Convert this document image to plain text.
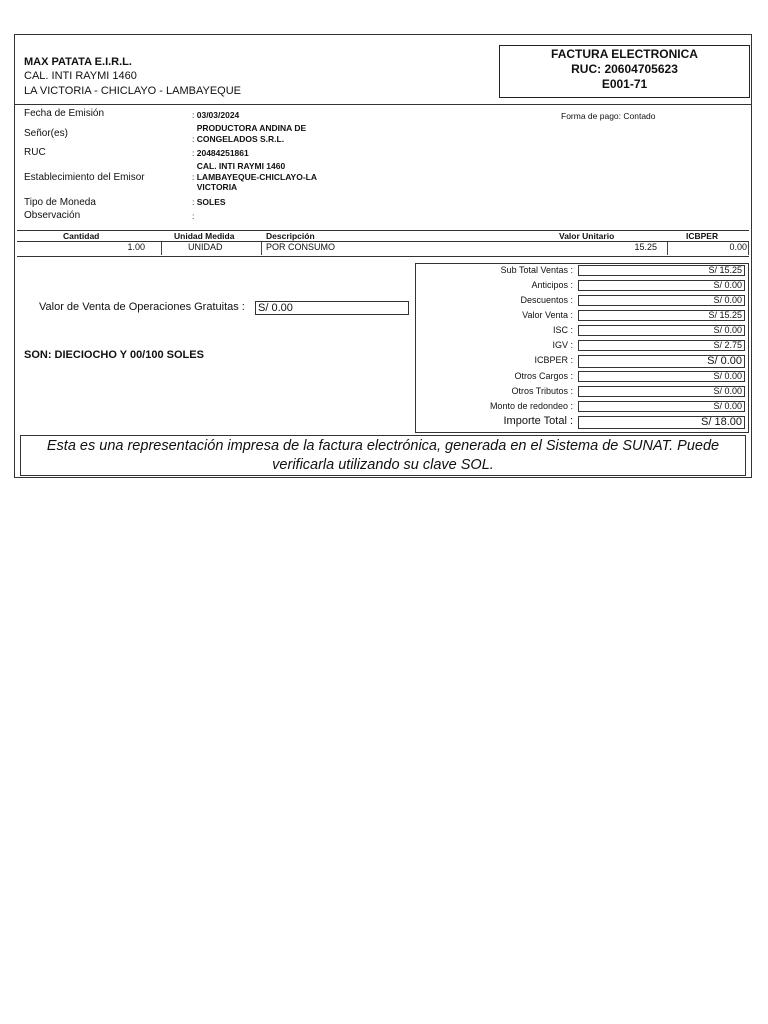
MAX PATATA E.I.R.L.
CAL. INTI RAYMI 1460
LA VICTORIA - CHICLAYO - LAMBAYEQUE
FACTURA ELECTRONICA
RUC: 20604705623
E001-71
Fecha de Emisión	: 03/03/2024
Señor(es)	PRODUCTORA ANDINA DE
: CONGELADOS S.R.L.
RUC	: 20484251861
Establecimiento del Emisor
CAL. INTI RAYMI 1460
: LAMBAYEQUE-CHICLAYO-LA
VICTORIA
Tipo de Moneda	: SOLES
Observación	:
Forma de pago: Contado
Cantidad	Unidad Medida	Descripción	Valor Unitario	ICBPER
1.00	UNIDAD	POR CONSUMO	15.25	0.00
Valor de Venta de Operaciones Gratuitas : S/ 0.00
SON: DIECIOCHO Y 00/100 SOLES
Sub Total Ventas :	S/ 15.25
Anticipos :	S/ 0.00
Descuentos :	S/ 0.00
Valor Venta :	S/ 15.25
ISC :	S/ 0.00
IGV :	S/ 2.75
ICBPER :	S/ 0.00
Otros Cargos :	S/ 0.00
Otros Tributos :	S/ 0.00
Monto de redondeo :	S/ 0.00
Importe Total :	S/ 18.00
Esta es una representación impresa de la factura electrónica, generada en el Sistema de SUNAT. Puede
verificarla utilizando su clave SOL.
